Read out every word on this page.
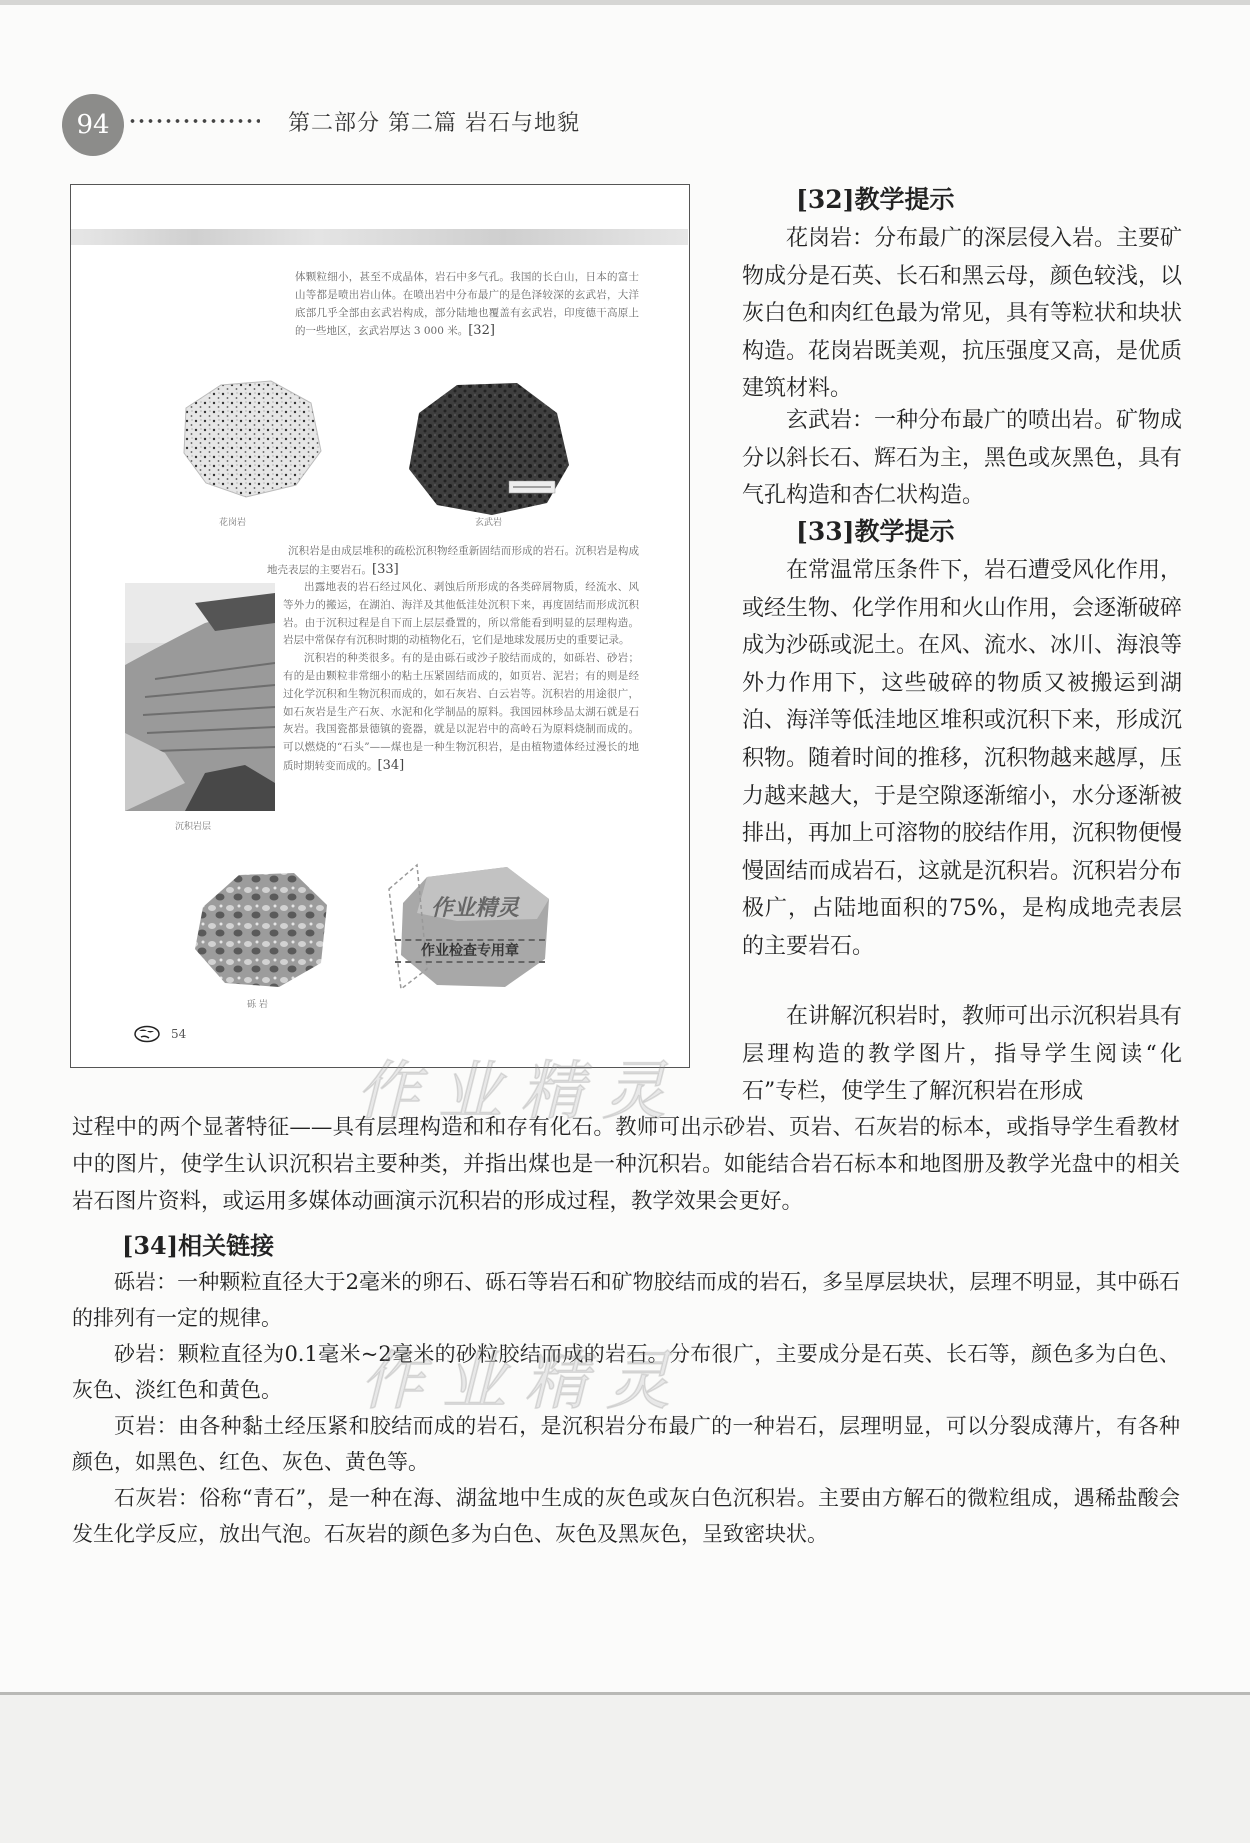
94	第二部分 第二篇 岩石与地貌
体颗粒细小，甚至不成晶体，岩石中多气孔。我国的长白山，日本的富士山等都是喷出岩山体。在喷出岩中分布最广的是色泽较深的玄武岩，大洋底部几乎全部由玄武岩构成，部分陆地也覆盖有玄武岩，印度德干高原上的一些地区，玄武岩厚达 3 000 米。[32]
花岗岩	玄武岩
沉积岩是由成层堆积的疏松沉积物经重新固结而形成的岩石。沉积岩是构成地壳表层的主要岩石。[33]
沉积岩层
出露地表的岩石经过风化、剥蚀后所形成的各类碎屑物质，经流水、风等外力的搬运，在湖泊、海洋及其他低洼处沉积下来，再度固结而形成沉积岩。由于沉积过程是自下而上层层叠置的，所以常能看到明显的层理构造。岩层中常保存有沉积时期的动植物化石，它们是地球发展历史的重要记录。
沉积岩的种类很多。有的是由砾石或沙子胶结而成的，如砾岩、砂岩；有的是由颗粒非常细小的粘土压紧固结而成的，如页岩、泥岩；有的则是经过化学沉积和生物沉积而成的，如石灰岩、白云岩等。沉积岩的用途很广，如石灰岩是生产石灰、水泥和化学制品的原料。我国园林珍品太湖石就是石灰岩。我国瓷都景德镇的瓷器，就是以泥岩中的高岭石为原料烧制而成的。可以燃烧的“石头”——煤也是一种生物沉积岩，是由植物遗体经过漫长的地质时期转变而成的。[34]
砾 岩
作业精灵
作业检查专用章
54
[32]教学提示
花岗岩：分布最广的深层侵入岩。主要矿物成分是石英、长石和黑云母，颜色较浅，以灰白色和肉红色最为常见，具有等粒状和块状构造。花岗岩既美观，抗压强度又高，是优质建筑材料。
玄武岩：一种分布最广的喷出岩。矿物成分以斜长石、辉石为主，黑色或灰黑色，具有气孔构造和杏仁状构造。
[33]教学提示
在常温常压条件下，岩石遭受风化作用，或经生物、化学作用和火山作用，会逐渐破碎成为沙砾或泥土。在风、流水、冰川、海浪等外力作用下，这些破碎的物质又被搬运到湖泊、海洋等低洼地区堆积或沉积下来，形成沉积物。随着时间的推移，沉积物越来越厚，压力越来越大，于是空隙逐渐缩小，水分逐渐被排出，再加上可溶物的胶结作用，沉积物便慢慢固结而成岩石，这就是沉积岩。沉积岩分布极广，占陆地面积的75%，是构成地壳表层的主要岩石。
在讲解沉积岩时，教师可出示沉积岩具有层理构造的教学图片，指导学生阅读“化石”专栏，使学生了解沉积岩在形成
过程中的两个显著特征——具有层理构造和和存有化石。教师可出示砂岩、页岩、石灰岩的标本，或指导学生看教材中的图片，使学生认识沉积岩主要种类，并指出煤也是一种沉积岩。如能结合岩石标本和地图册及教学光盘中的相关岩石图片资料，或运用多媒体动画演示沉积岩的形成过程，教学效果会更好。
[34]相关链接
砾岩：一种颗粒直径大于2毫米的卵石、砾石等岩石和矿物胶结而成的岩石，多呈厚层块状，层理不明显，其中砾石的排列有一定的规律。
砂岩：颗粒直径为0.1毫米~2毫米的砂粒胶结而成的岩石。分布很广，主要成分是石英、长石等，颜色多为白色、灰色、淡红色和黄色。
页岩：由各种黏土经压紧和胶结而成的岩石，是沉积岩分布最广的一种岩石，层理明显，可以分裂成薄片，有各种颜色，如黑色、红色、灰色、黄色等。
石灰岩：俗称“青石”，是一种在海、湖盆地中生成的灰色或灰白色沉积岩。主要由方解石的微粒组成，遇稀盐酸会发生化学反应，放出气泡。石灰岩的颜色多为白色、灰色及黑灰色，呈致密块状。
作业精灵
作业精灵
